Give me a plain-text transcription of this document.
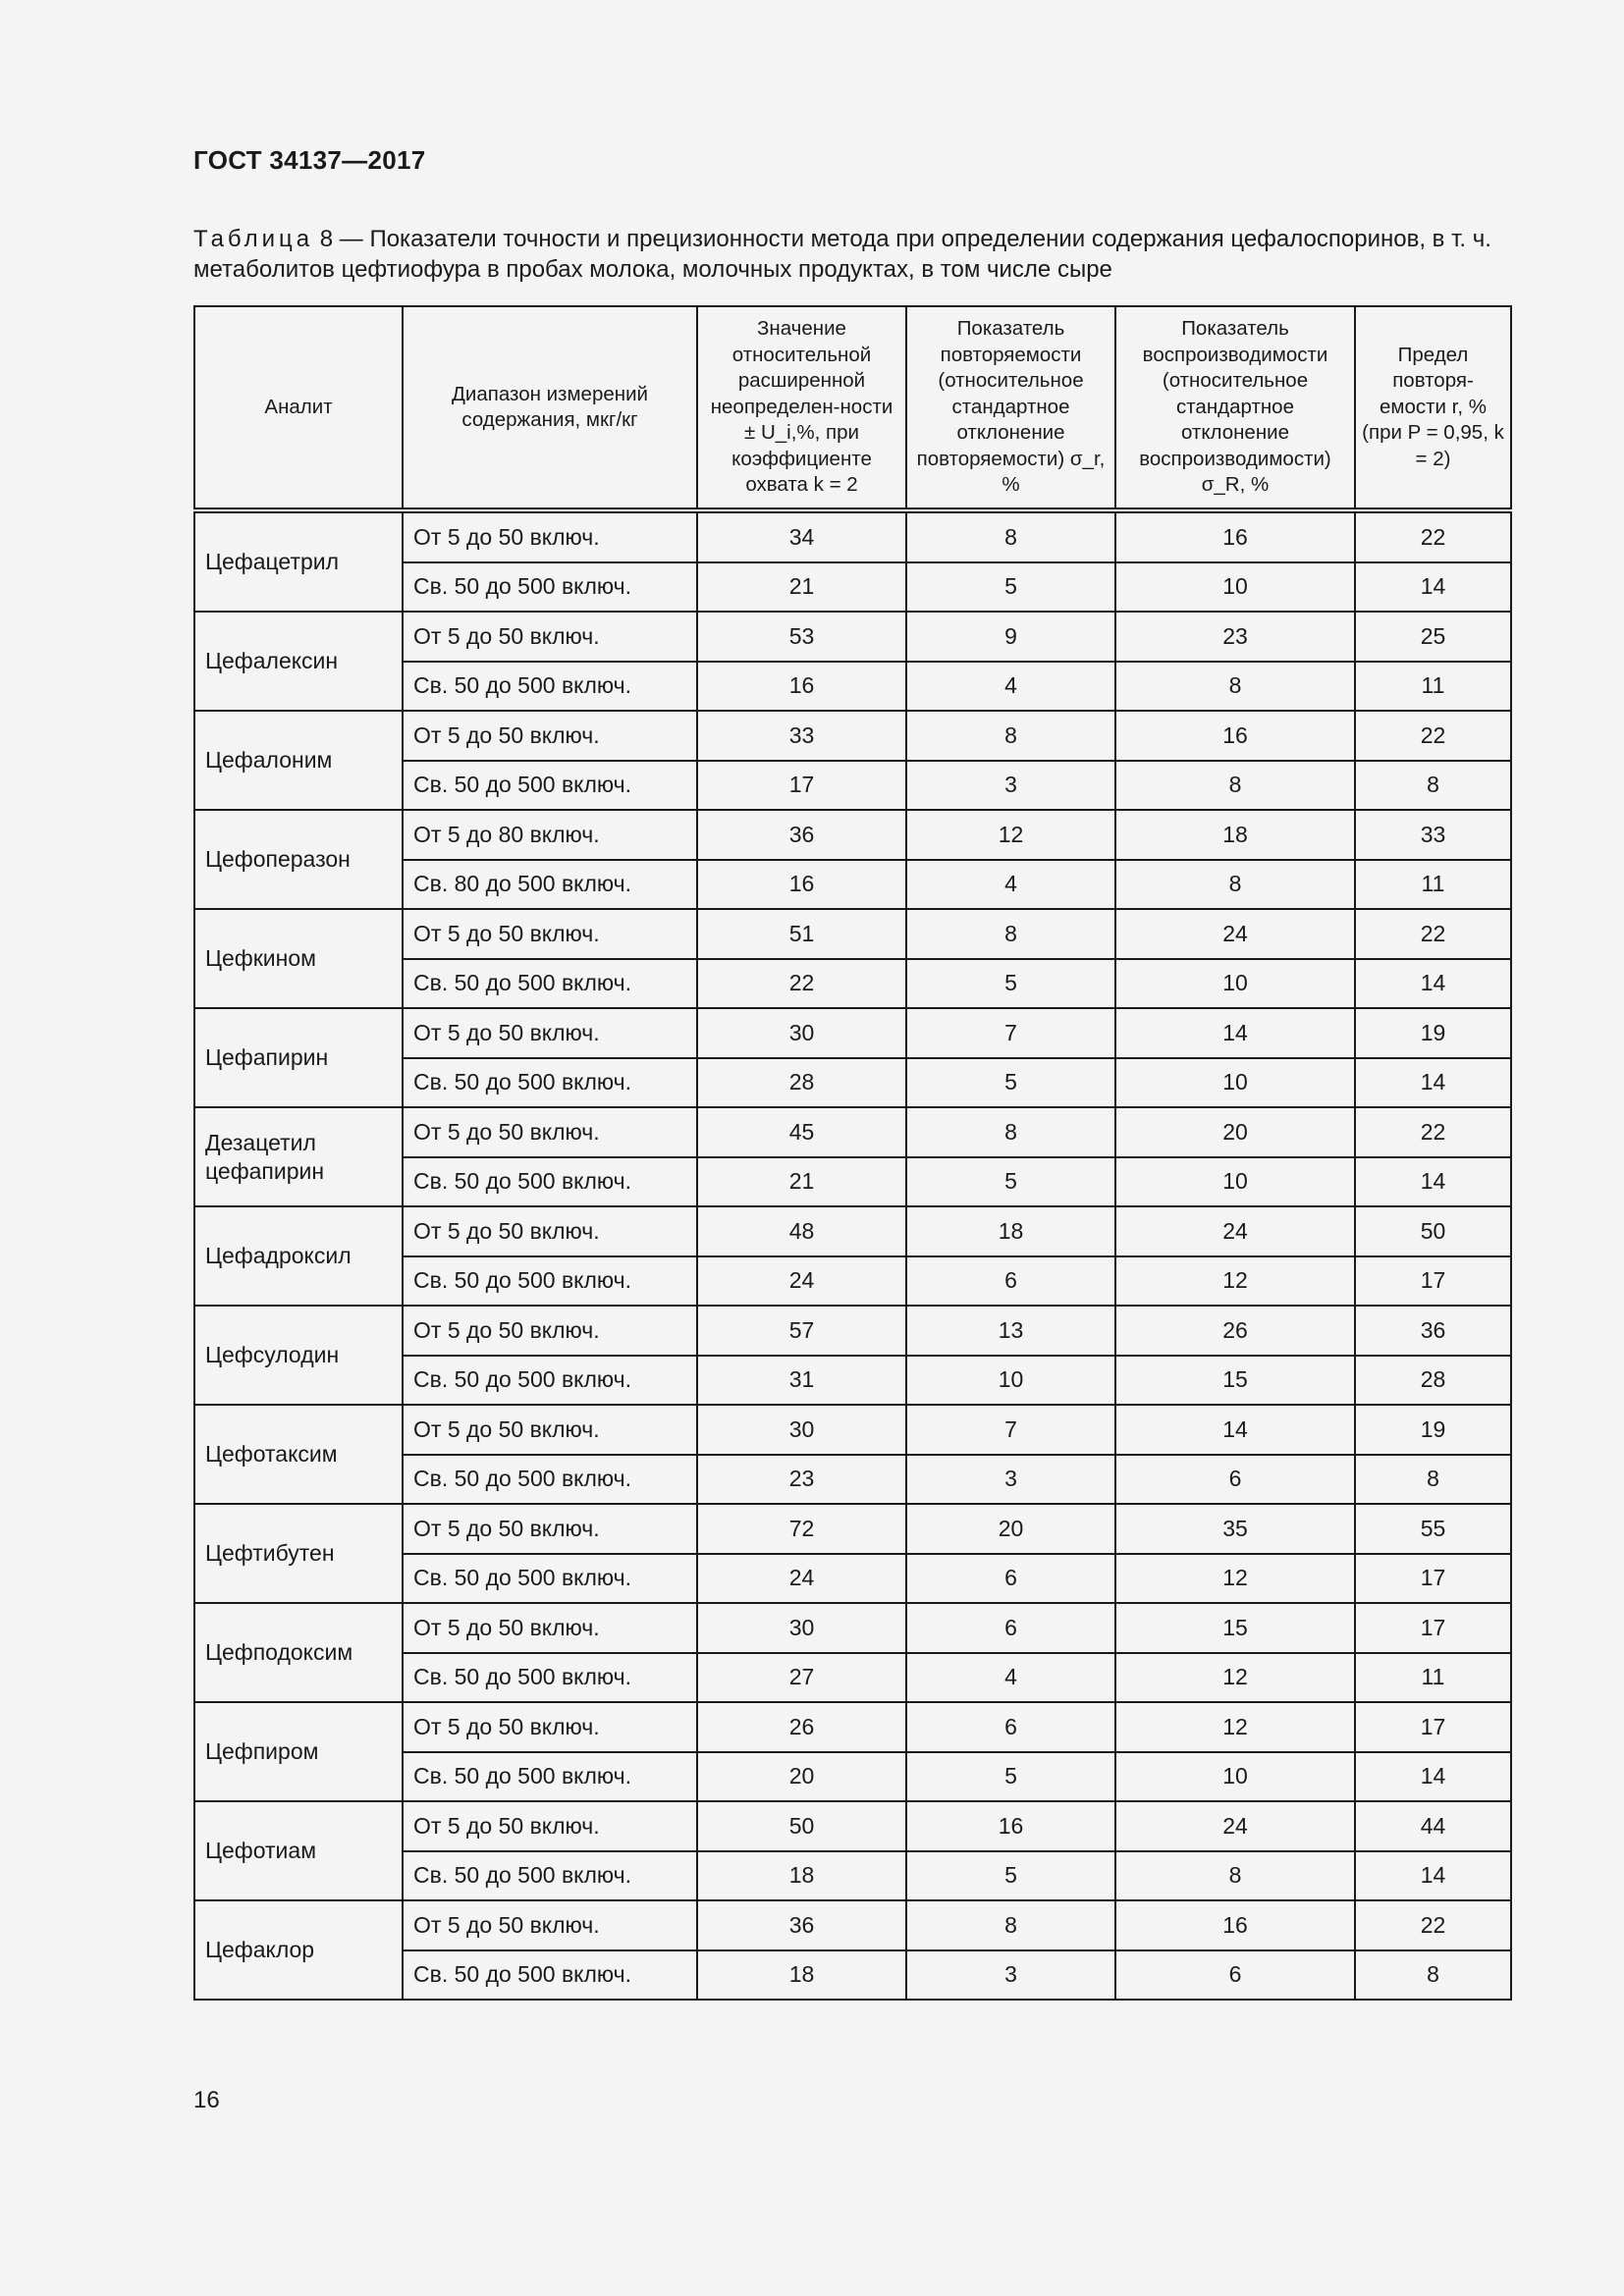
ГОСТ 34137—2017
Таблица 8 — Показатели точности и прецизионности метода при определении содержания цефалоспоринов, в т. ч. метаболитов цефтиофура в пробах молока, молочных продуктах, в том числе сыре
Аналит	Диапазон измерений содержания, мкг/кг	Значение относительной расширенной неопределен-ности ± U_i,%, при коэффициенте охвата k = 2	Показатель повторяемости (относительное стандартное отклонение повторяемости) σ_r, %	Показатель воспроизводимости (относительное стандартное отклонение воспроизводимости) σ_R, %	Предел повторя-емости r, % (при P = 0,95, k = 2)
Цефацетрил	От 5 до 50 включ.	34	8	16	22
	Св. 50 до 500 включ.	21	5	10	14
Цефалексин	От 5 до 50 включ.	53	9	23	25
	Св. 50 до 500 включ.	16	4	8	11
Цефалоним	От 5 до 50 включ.	33	8	16	22
	Св. 50 до 500 включ.	17	3	8	8
Цефоперазон	От 5 до 80 включ.	36	12	18	33
	Св. 80 до 500 включ.	16	4	8	11
Цефкином	От 5 до 50 включ.	51	8	24	22
	Св. 50 до 500 включ.	22	5	10	14
Цефапирин	От 5 до 50 включ.	30	7	14	19
	Св. 50 до 500 включ.	28	5	10	14
Дезацетил цефапирин	От 5 до 50 включ.	45	8	20	22
	Св. 50 до 500 включ.	21	5	10	14
Цефадроксил	От 5 до 50 включ.	48	18	24	50
	Св. 50 до 500 включ.	24	6	12	17
Цефсулодин	От 5 до 50 включ.	57	13	26	36
	Св. 50 до 500 включ.	31	10	15	28
Цефотаксим	От 5 до 50 включ.	30	7	14	19
	Св. 50 до 500 включ.	23	3	6	8
Цефтибутен	От 5 до 50 включ.	72	20	35	55
	Св. 50 до 500 включ.	24	6	12	17
Цефподоксим	От 5 до 50 включ.	30	6	15	17
	Св. 50 до 500 включ.	27	4	12	11
Цефпиром	От 5 до 50 включ.	26	6	12	17
	Св. 50 до 500 включ.	20	5	10	14
Цефотиам	От 5 до 50 включ.	50	16	24	44
	Св. 50 до 500 включ.	18	5	8	14
Цефаклор	От 5 до 50 включ.	36	8	16	22
	Св. 50 до 500 включ.	18	3	6	8
16
